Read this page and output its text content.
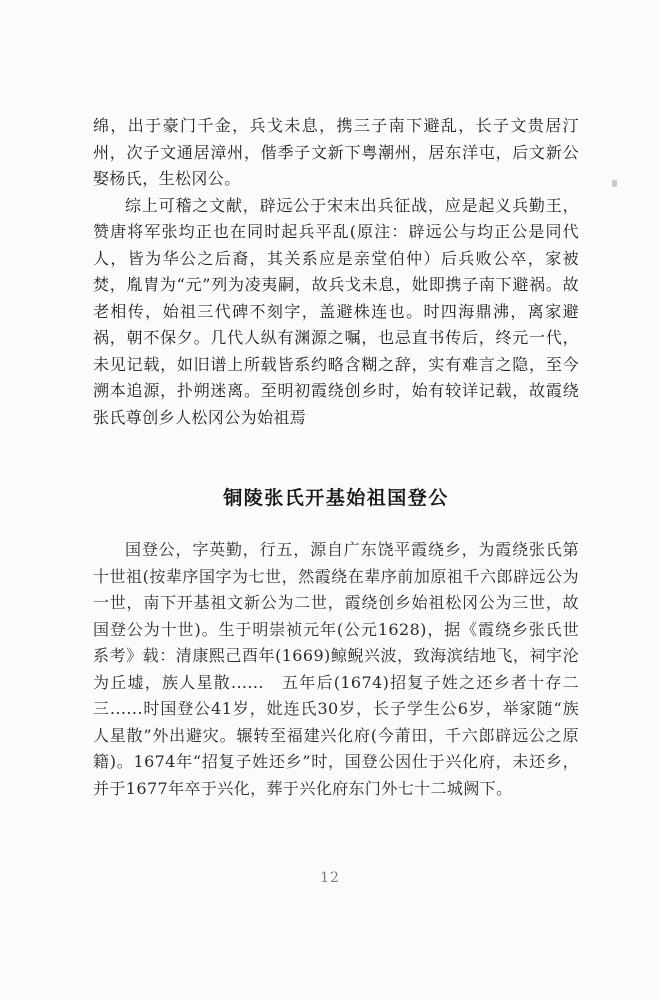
绵，出于豪门千金，兵戈未息，携三子南下避乱，长子文贵居汀州，次子文通居漳州，偕季子文新下粤潮州，居东洋屯，后文新公娶杨氏，生松冈公。

综上可稽之文献，辟远公于宋末出兵征战，应是起义兵勤王，赞唐将军张均正也在同时起兵平乱(原注：辟远公与均正公是同代人，皆为华公之后裔，其关系应是亲堂伯仲）后兵败公卒，家被焚，胤胄为“元”列为凌夷嗣，故兵戈未息，妣即携子南下避祸。故老相传，始祖三代碑不刻字，盖避株连也。时四海鼎沸，离家避祸，朝不保夕。几代人纵有渊源之嘱，也忌直书传后，终元一代，未见记载，如旧谱上所载皆系约略含糊之辞，实有难言之隐，至今溯本追源，扑朔迷离。至明初霞绕创乡时，始有较详记载，故霞绕张氏尊创乡人松冈公为始祖焉

铜陵张氏开基始祖国登公

国登公，字英勤，行五，源自广东饶平霞绕乡，为霞绕张氏第十世祖(按辈序国字为七世，然霞绕在辈序前加原祖千六郎辟远公为一世，南下开基祖文新公为二世，霞绕创乡始祖松冈公为三世，故国登公为十世)。生于明崇祯元年(公元1628)，据《霞绕乡张氏世系考》载：清康熙己酉年(1669)鲸鲵兴波，致海滨结地飞，祠宇沦为丘墟，族人星散......　五年后(1674)招复子姓之还乡者十存二三......时国登公41岁，妣连氏30岁，长子学生公6岁，举家随“族人星散”外出避灾。辗转至福建兴化府(今莆田，千六郎辟远公之原籍)。1674年“招复子姓还乡”时，国登公因仕于兴化府，未还乡，并于1677年卒于兴化，葬于兴化府东门外七十二城阙下。

12
